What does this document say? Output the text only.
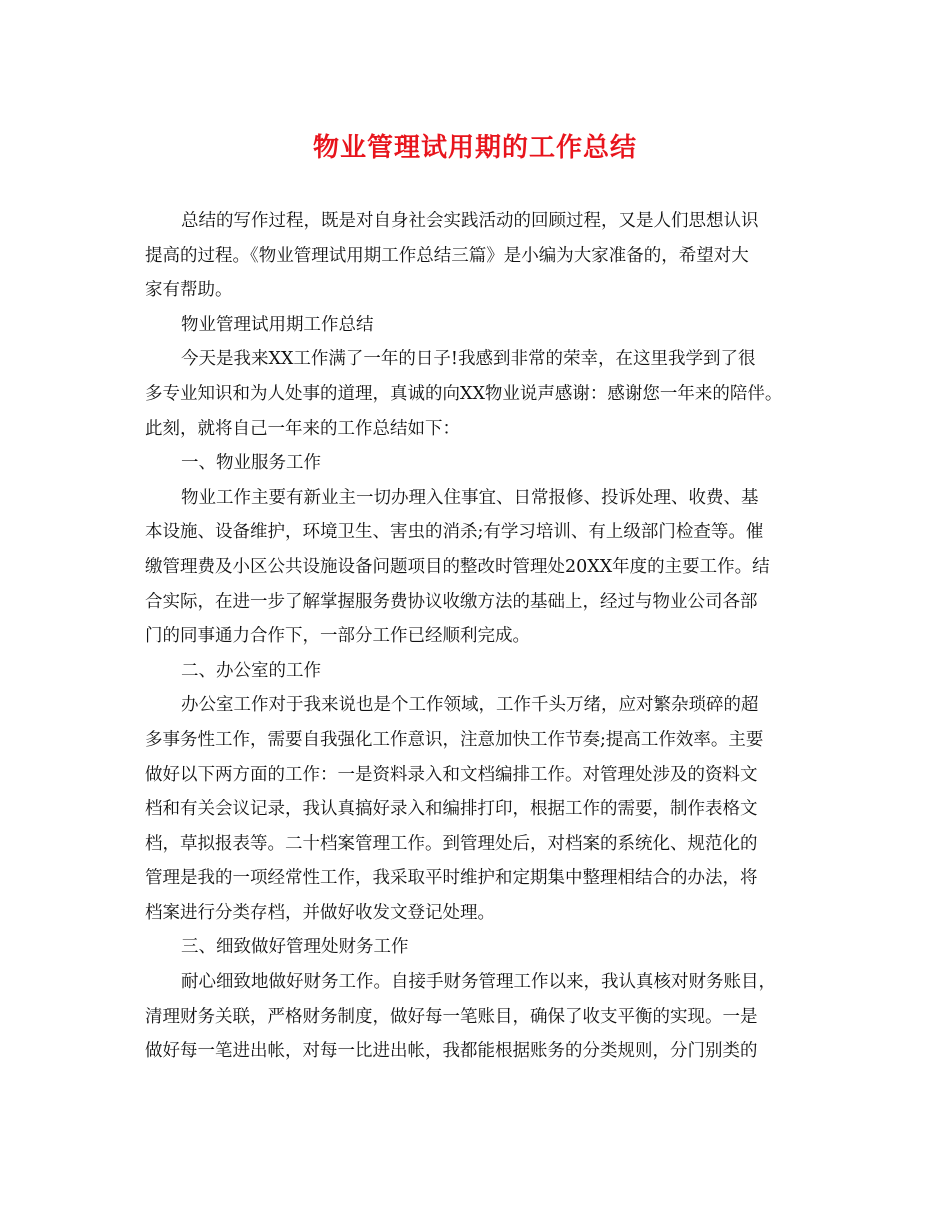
物业管理试用期的工作总结
总结的写作过程，既是对自身社会实践活动的回顾过程，又是人们思想认识
提高的过程。《物业管理试用期工作总结三篇》是小编为大家准备的，希望对大
家有帮助。
物业管理试用期工作总结
今天是我来XX工作满了一年的日子!我感到非常的荣幸，在这里我学到了很
多专业知识和为人处事的道理，真诚的向XX物业说声感谢：感谢您一年来的陪伴。
此刻，就将自己一年来的工作总结如下：
一、物业服务工作
物业工作主要有新业主一切办理入住事宜、日常报修、投诉处理、收费、基
本设施、设备维护，环境卫生、害虫的消杀;有学习培训、有上级部门检查等。催
缴管理费及小区公共设施设备问题项目的整改时管理处20XX年度的主要工作。结
合实际，在进一步了解掌握服务费协议收缴方法的基础上，经过与物业公司各部
门的同事通力合作下，一部分工作已经顺利完成。
二、办公室的工作
办公室工作对于我来说也是个工作领域，工作千头万绪，应对繁杂琐碎的超
多事务性工作，需要自我强化工作意识，注意加快工作节奏;提高工作效率。主要
做好以下两方面的工作：一是资料录入和文档编排工作。对管理处涉及的资料文
档和有关会议记录，我认真搞好录入和编排打印，根据工作的需要，制作表格文
档，草拟报表等。二十档案管理工作。到管理处后，对档案的系统化、规范化的
管理是我的一项经常性工作，我采取平时维护和定期集中整理相结合的办法，将
档案进行分类存档，并做好收发文登记处理。
三、细致做好管理处财务工作
耐心细致地做好财务工作。自接手财务管理工作以来，我认真核对财务账目，
清理财务关联，严格财务制度，做好每一笔账目，确保了收支平衡的实现。一是
做好每一笔进出帐，对每一比进出帐，我都能根据账务的分类规则，分门别类的
